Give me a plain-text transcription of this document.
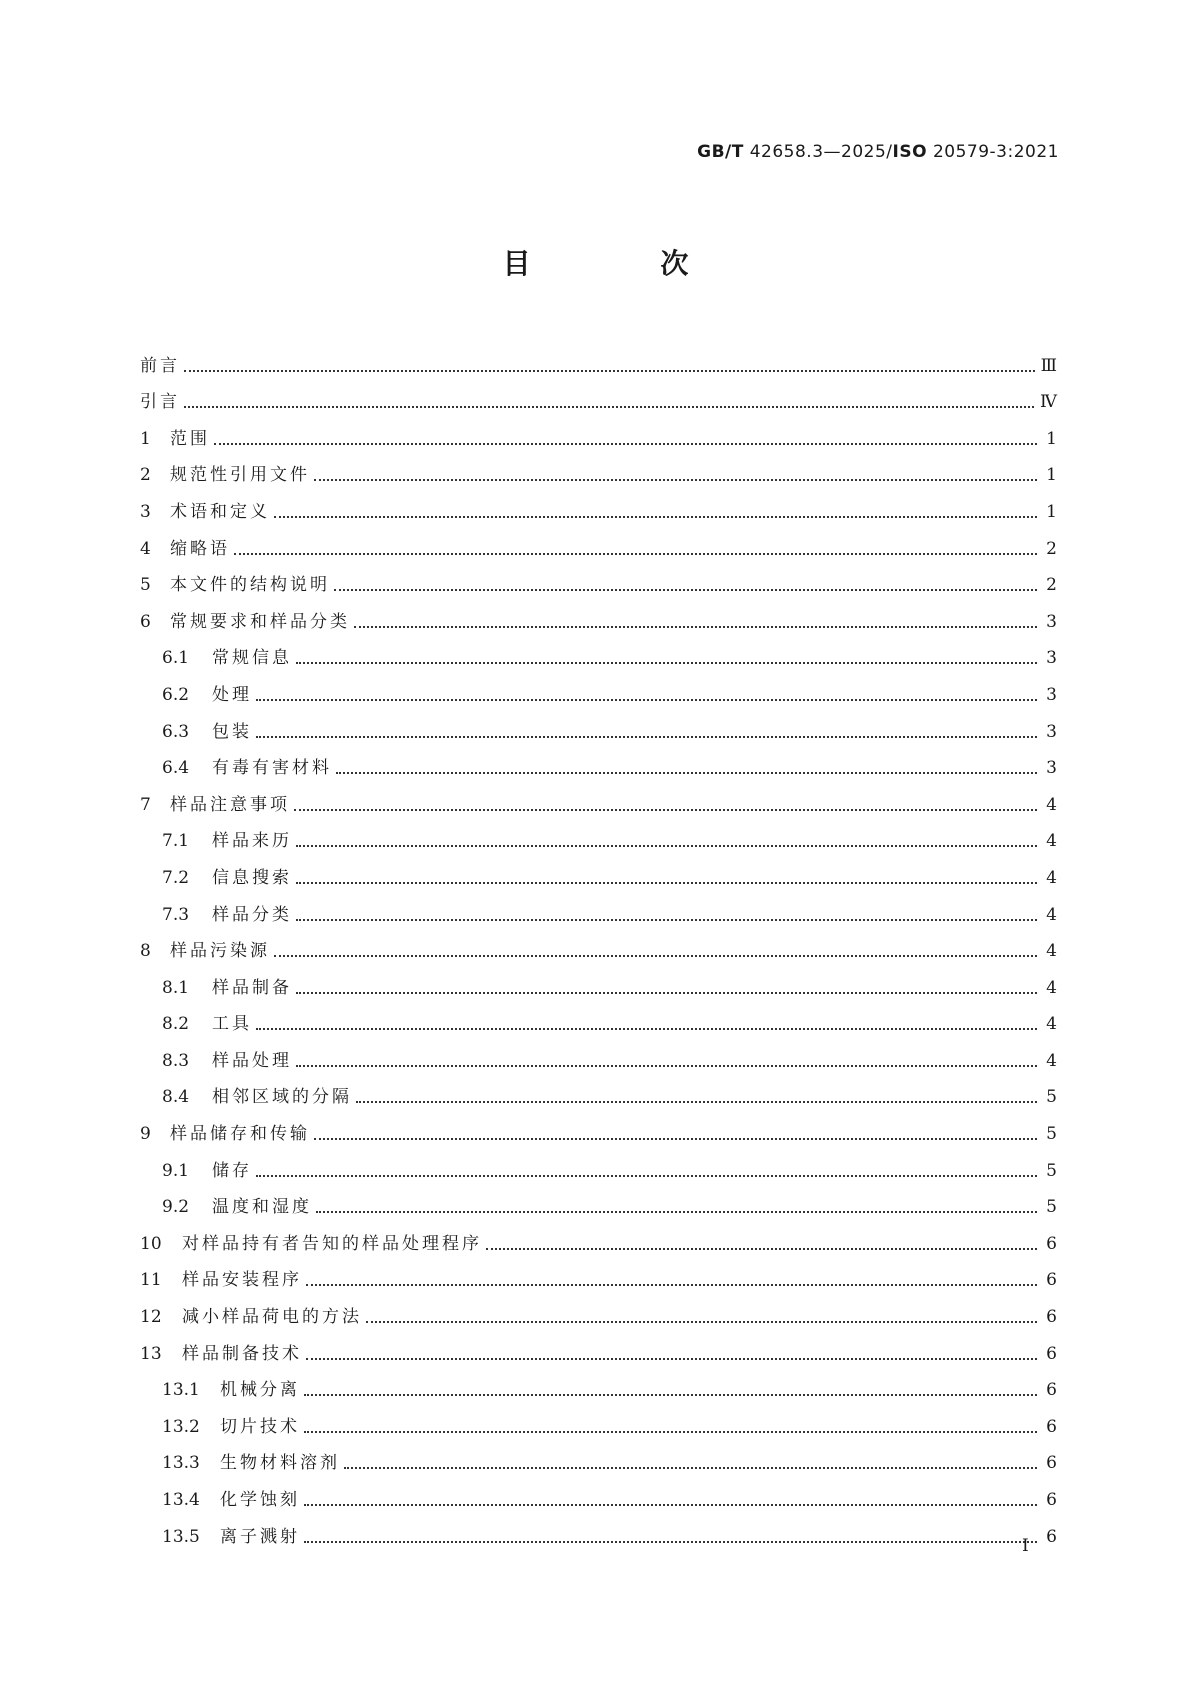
GB/T 42658.3—2025/ISO 20579-3:2021
目 次
前言	Ⅲ
引言	Ⅳ
1	范围	1
2	规范性引用文件	1
3	术语和定义	1
4	缩略语	2
5	本文件的结构说明	2
6	常规要求和样品分类	3
6.1	常规信息	3
6.2	处理	3
6.3	包装	3
6.4	有毒有害材料	3
7	样品注意事项	4
7.1	样品来历	4
7.2	信息搜索	4
7.3	样品分类	4
8	样品污染源	4
8.1	样品制备	4
8.2	工具	4
8.3	样品处理	4
8.4	相邻区域的分隔	5
9	样品储存和传输	5
9.1	储存	5
9.2	温度和湿度	5
10	对样品持有者告知的样品处理程序	6
11	样品安装程序	6
12	减小样品荷电的方法	6
13	样品制备技术	6
13.1	机械分离	6
13.2	切片技术	6
13.3	生物材料溶剂	6
13.4	化学蚀刻	6
13.5	离子溅射	6
I
